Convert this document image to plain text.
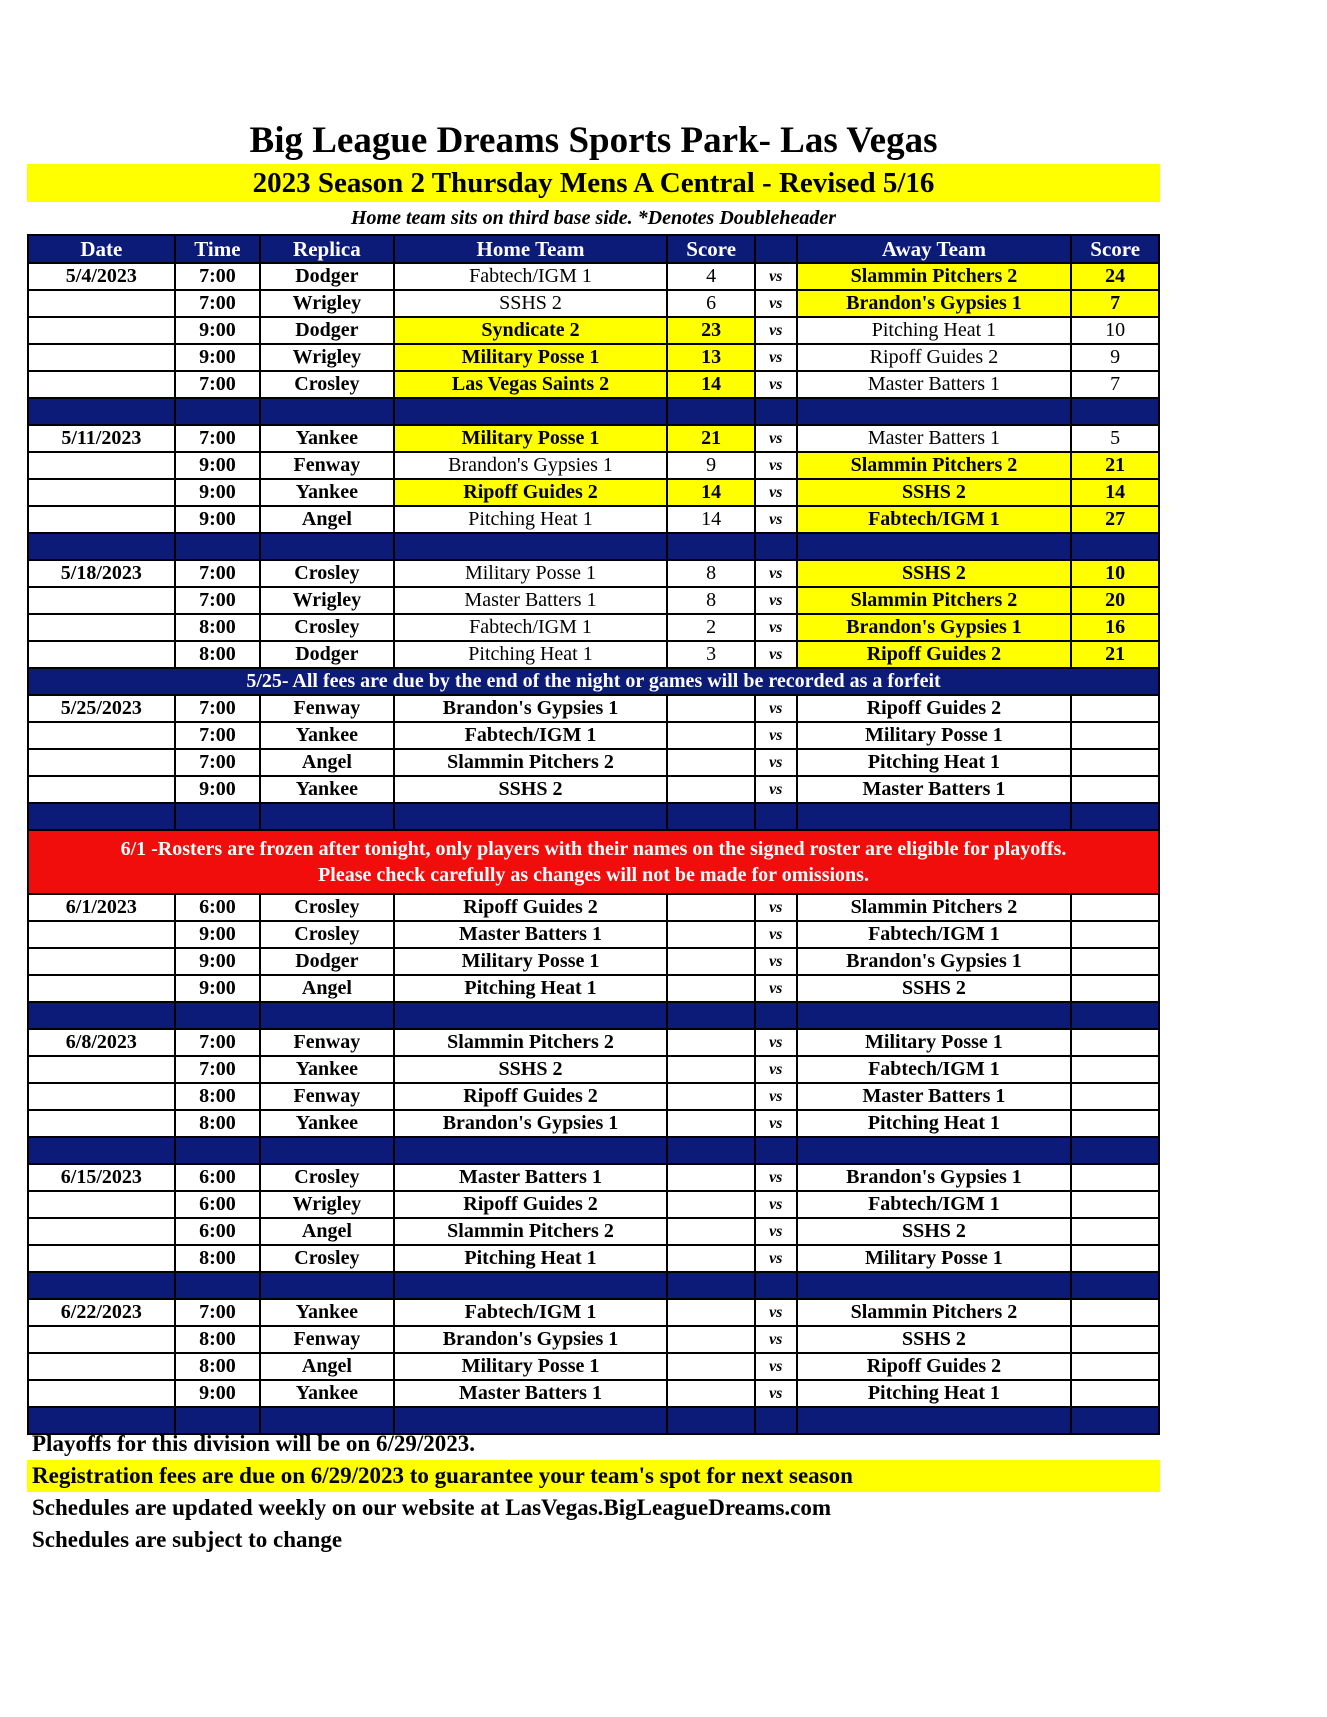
Big League Dreams Sports Park- Las Vegas
2023 Season 2 Thursday Mens A Central - Revised 5/16
Home team sits on third base side. *Denotes Doubleheader
Date	Time	Replica	Home Team	Score		Away Team	Score
5/4/2023	7:00	Dodger	Fabtech/IGM 1	4	vs	Slammin Pitchers 2	24
	7:00	Wrigley	SSHS 2	6	vs	Brandon's Gypsies 1	7
	9:00	Dodger	Syndicate 2	23	vs	Pitching Heat 1	10
	9:00	Wrigley	Military Posse 1	13	vs	Ripoff Guides 2	9
	7:00	Crosley	Las Vegas Saints 2	14	vs	Master Batters 1	7

5/11/2023	7:00	Yankee	Military Posse 1	21	vs	Master Batters 1	5
	9:00	Fenway	Brandon's Gypsies 1	9	vs	Slammin Pitchers 2	21
	9:00	Yankee	Ripoff Guides 2	14	vs	SSHS 2	14
	9:00	Angel	Pitching Heat 1	14	vs	Fabtech/IGM 1	27

5/18/2023	7:00	Crosley	Military Posse 1	8	vs	SSHS 2	10
	7:00	Wrigley	Master Batters 1	8	vs	Slammin Pitchers 2	20
	8:00	Crosley	Fabtech/IGM 1	2	vs	Brandon's Gypsies 1	16
	8:00	Dodger	Pitching Heat 1	3	vs	Ripoff Guides 2	21
5/25- All fees are due by the end of the night or games will be recorded as a forfeit							
5/25/2023	7:00	Fenway	Brandon's Gypsies 1		vs	Ripoff Guides 2	
	7:00	Yankee	Fabtech/IGM 1		vs	Military Posse 1	
	7:00	Angel	Slammin Pitchers 2		vs	Pitching Heat 1	
	9:00	Yankee	SSHS 2		vs	Master Batters 1	

6/1 -Rosters are frozen after tonight, only players with their names on the signed roster are eligible for playoffs.
Please check carefully as changes will not be made for omissions.							

6/1/2023	6:00	Crosley	Ripoff Guides 2		vs	Slammin Pitchers 2	
	9:00	Crosley	Master Batters 1		vs	Fabtech/IGM 1	
	9:00	Dodger	Military Posse 1		vs	Brandon's Gypsies 1	
	9:00	Angel	Pitching Heat 1		vs	SSHS 2	

6/8/2023	7:00	Fenway	Slammin Pitchers 2		vs	Military Posse 1	
	7:00	Yankee	SSHS 2		vs	Fabtech/IGM 1	
	8:00	Fenway	Ripoff Guides 2		vs	Master Batters 1	
	8:00	Yankee	Brandon's Gypsies 1		vs	Pitching Heat 1	

6/15/2023	6:00	Crosley	Master Batters 1		vs	Brandon's Gypsies 1	
	6:00	Wrigley	Ripoff Guides 2		vs	Fabtech/IGM 1	
	6:00	Angel	Slammin Pitchers 2		vs	SSHS 2	
	8:00	Crosley	Pitching Heat 1		vs	Military Posse 1	

6/22/2023	7:00	Yankee	Fabtech/IGM 1		vs	Slammin Pitchers 2	
	8:00	Fenway	Brandon's Gypsies 1		vs	SSHS 2	
	8:00	Angel	Military Posse 1		vs	Ripoff Guides 2	
	9:00	Yankee	Master Batters 1		vs	Pitching Heat 1	

Playoffs for this division will be on 6/29/2023.
Registration fees are due on 6/29/2023 to guarantee your team's spot for next season
Schedules are updated weekly on our website at LasVegas.BigLeagueDreams.com
Schedules are subject to change
